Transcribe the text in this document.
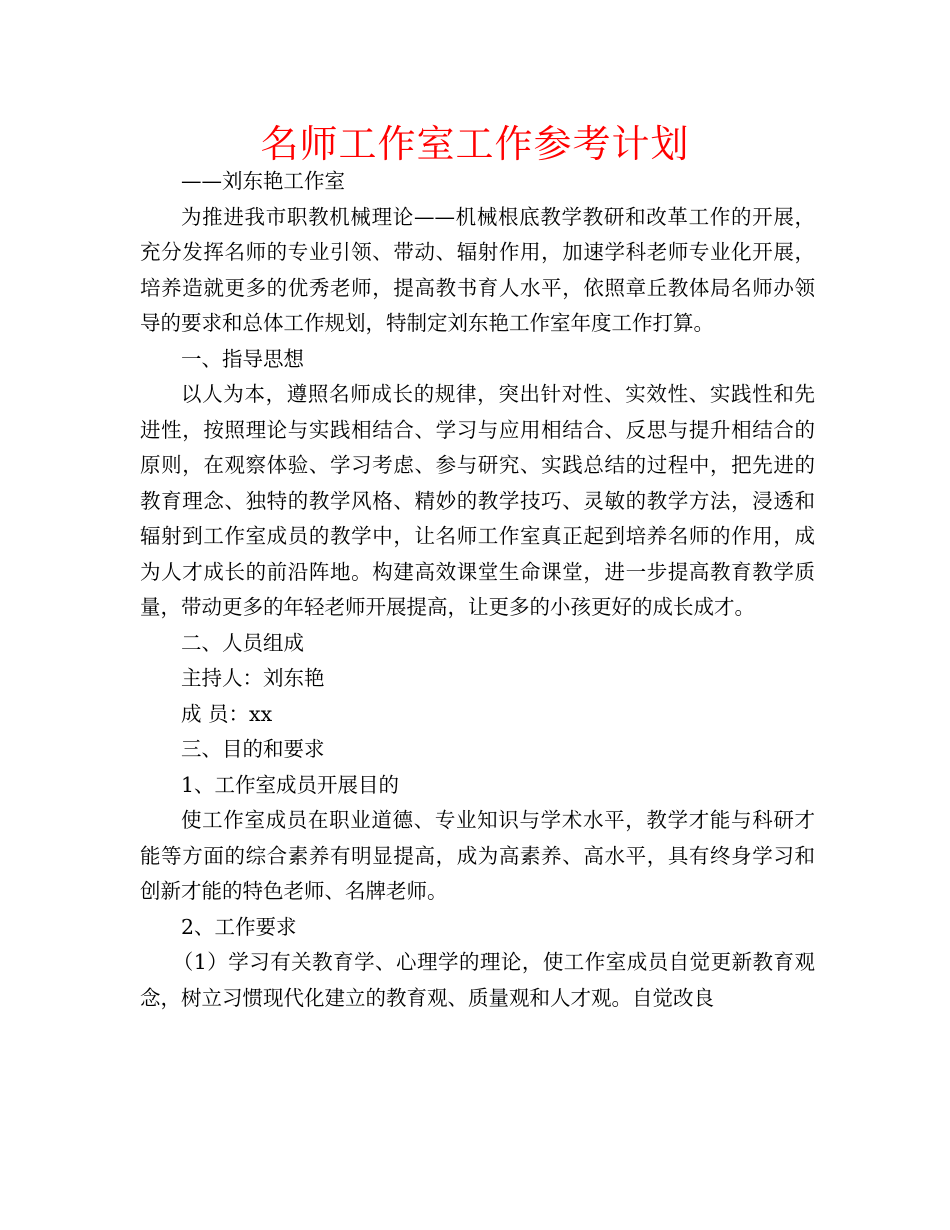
名师工作室工作参考计划

——刘东艳工作室

为推进我市职教机械理论——机械根底教学教研和改革工作的开展，充分发挥名师的专业引领、带动、辐射作用，加速学科老师专业化开展，培养造就更多的优秀老师，提高教书育人水平，依照章丘教体局名师办领导的要求和总体工作规划，特制定刘东艳工作室年度工作打算。

一、指导思想

以人为本，遵照名师成长的规律，突出针对性、实效性、实践性和先进性，按照理论与实践相结合、学习与应用相结合、反思与提升相结合的原则，在观察体验、学习考虑、参与研究、实践总结的过程中，把先进的教育理念、独特的教学风格、精妙的教学技巧、灵敏的教学方法，浸透和辐射到工作室成员的教学中，让名师工作室真正起到培养名师的作用，成为人才成长的前沿阵地。构建高效课堂生命课堂，进一步提高教育教学质量，带动更多的年轻老师开展提高，让更多的小孩更好的成长成才。

二、人员组成

主持人：刘东艳

成 员：xx

三、目的和要求

1、工作室成员开展目的

使工作室成员在职业道德、专业知识与学术水平，教学才能与科研才能等方面的综合素养有明显提高，成为高素养、高水平，具有终身学习和创新才能的特色老师、名牌老师。

2、工作要求

（1）学习有关教育学、心理学的理论，使工作室成员自觉更新教育观念，树立习惯现代化建立的教育观、质量观和人才观。自觉改良
